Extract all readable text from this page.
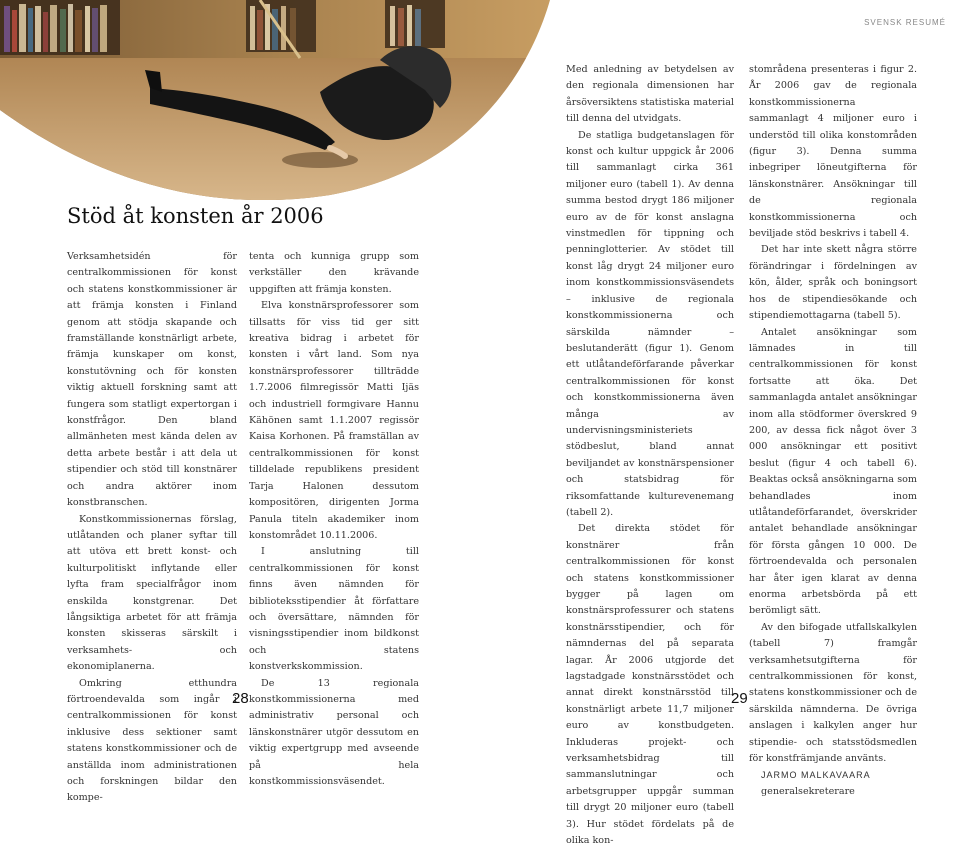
SVENSK RESUMÉ
Stöd åt konsten år 2006

Verksamhetsidén för centralkommissionen för konst och statens konstkommissioner är att främja konsten i Finland genom att stödja skapande och framställande konstnärligt arbete, främja kunskaper om konst, konstutövning och för konsten viktig aktuell forskning samt att fungera som statligt expertorgan i konstfrågor. Den bland allmänheten mest kända delen av detta arbete består i att dela ut stipendier och stöd till konstnärer och andra aktörer inom konstbranschen.

Konstkommissionernas förslag, utlåtanden och planer syftar till att utöva ett brett konst- och kulturpolitiskt inflytande eller lyfta fram specialfrågor inom enskilda konstgrenar. Det långsiktiga arbetet för att främja konsten skisseras särskilt i verksamhets- och ekonomiplanerna.

Omkring etthundra förtroendevalda som ingår i centralkommissionen för konst inklusive dess sektioner samt statens konstkommissioner och de anställda inom administrationen och forskningen bildar den kompe-

tenta och kunniga grupp som verkställer den krävande uppgiften att främja konsten.

Elva konstnärsprofessorer som tillsatts för viss tid ger sitt kreativa bidrag i arbetet för konsten i vårt land. Som nya konstnärsprofessorer tillträdde 1.7.2006 filmregissör Matti Ijäs och industriell formgivare Hannu Kähönen samt 1.1.2007 regissör Kaisa Korhonen. På framställan av centralkommissionen för konst tilldelade republikens president Tarja Halonen dessutom kompositören, dirigenten Jorma Panula titeln akademiker inom konstområdet 10.11.2006.

I anslutning till centralkommissionen för konst finns även nämnden för biblioteksstipendier åt författare och översättare, nämnden för visningsstipendier inom bildkonst och statens konstverkskommission.

De 13 regionala konstkommissionerna med administrativ personal och länskonstnärer utgör dessutom en viktig expertgrupp med avseende på hela konstkommissionsväsendet.

Med anledning av betydelsen av den regionala dimensionen har årsöversiktens statistiska material till denna del utvidgats.

De statliga budgetanslagen för konst och kultur uppgick år 2006 till sammanlagt cirka 361 miljoner euro (tabell 1). Av denna summa bestod drygt 186 miljoner euro av de för konst anslagna vinstmedlen för tippning och penninglotterier. Av stödet till konst låg drygt 24 miljoner euro inom konstkommissionsväsendets – inklusive de regionala konstkommissionerna och särskilda nämnder – beslutanderätt (figur 1). Genom ett utlåtandeförfarande påverkar centralkommissionen för konst och konstkommissionerna även många av undervisningsministeriets stödbeslut, bland annat beviljandet av konstnärspensioner och statsbidrag för riksomfattande kulturevenemang (tabell 2).

Det direkta stödet för konstnärer från centralkommissionen för konst och statens konstkommissioner bygger på lagen om konstnärsprofessurer och statens konstnärsstipendier, och för nämndernas del på separata lagar. År 2006 utgjorde det lagstadgade konstnärsstödet och annat direkt konstnärsstöd till konstnärligt arbete 11,7 miljoner euro av konstbudgeten. Inkluderas projekt- och verksamhetsbidrag till sammanslutningar och arbetsgrupper uppgår summan till drygt 20 miljoner euro (tabell 3). Hur stödet fördelats på de olika kon-

stområdena presenteras i figur 2. År 2006 gav de regionala konstkommissionerna sammanlagt 4 miljoner euro i understöd till olika konstområden (figur 3). Denna summa inbegriper löneutgifterna för länskonstnärer. Ansökningar till de regionala konstkommissionerna och beviljade stöd beskrivs i tabell 4.

Det har inte skett några större förändringar i fördelningen av kön, ålder, språk och boningsort hos de stipendiesökande och stipendiemottagarna (tabell 5).

Antalet ansökningar som lämnades in till centralkommissionen för konst fortsatte att öka. Det sammanlagda antalet ansökningar inom alla stödformer överskred 9 200, av dessa fick något över 3 000 ansökningar ett positivt beslut (figur 4 och tabell 6). Beaktas också ansökningarna som behandlades inom utlåtandeförfarandet, överskrider antalet behandlade ansökningar för första gången 10 000. De förtroendevalda och personalen har åter igen klarat av denna enorma arbetsbörda på ett berömligt sätt.

Av den bifogade utfallskalkylen (tabell 7) framgår verksamhetsutgifterna för centralkommissionen för konst, statens konstkommissioner och de särskilda nämnderna. De övriga anslagen i kalkylen anger hur stipendie- och statsstödsmedlen för konstfrämjande använts.

JARMO MALKAVAARA

generalsekreterare

28	29
